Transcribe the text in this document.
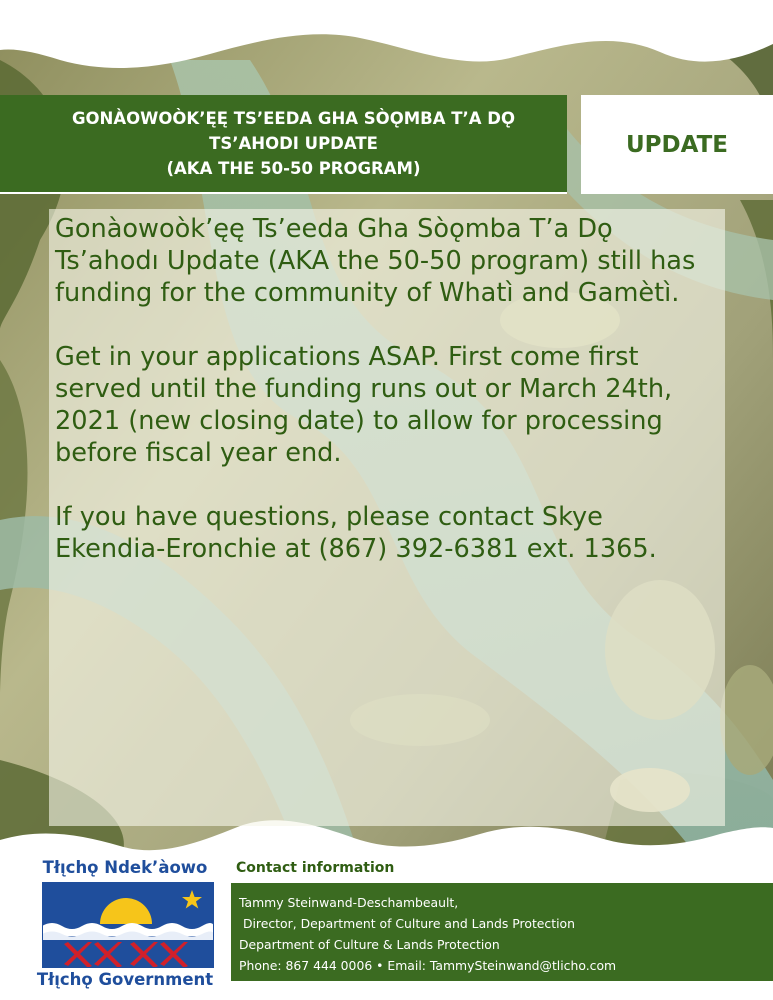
GONÀOWOÒK’ĘĘ TS’EEDA GHA SÒǪMBA T’A DǪ
TS’AHODI UPDATE
(AKA THE 50-50 PROGRAM)
UPDATE

Gonàowoòk’ęę Ts’eeda Gha Sòǫmba T’a Dǫ Ts’ahodı Update (AKA the 50-50 program) still has funding for the community of Whatì and Gamètì.

Get in your applications ASAP. First come first served until the funding runs out or March 24th, 2021 (new closing date) to allow for processing before fiscal year end.

If you have questions, please contact Skye Ekendia-Eronchie at (867) 392-6381 ext. 1365.

Tłı̨chǫ Ndek’àowo
Tłı̨chǫ Government
Contact information
Tammy Steinwand-Deschambeault,
Director, Department of Culture and Lands Protection
Department of Culture & Lands Protection
Phone: 867 444 0006 • Email: TammySteinwand@tlicho.com
